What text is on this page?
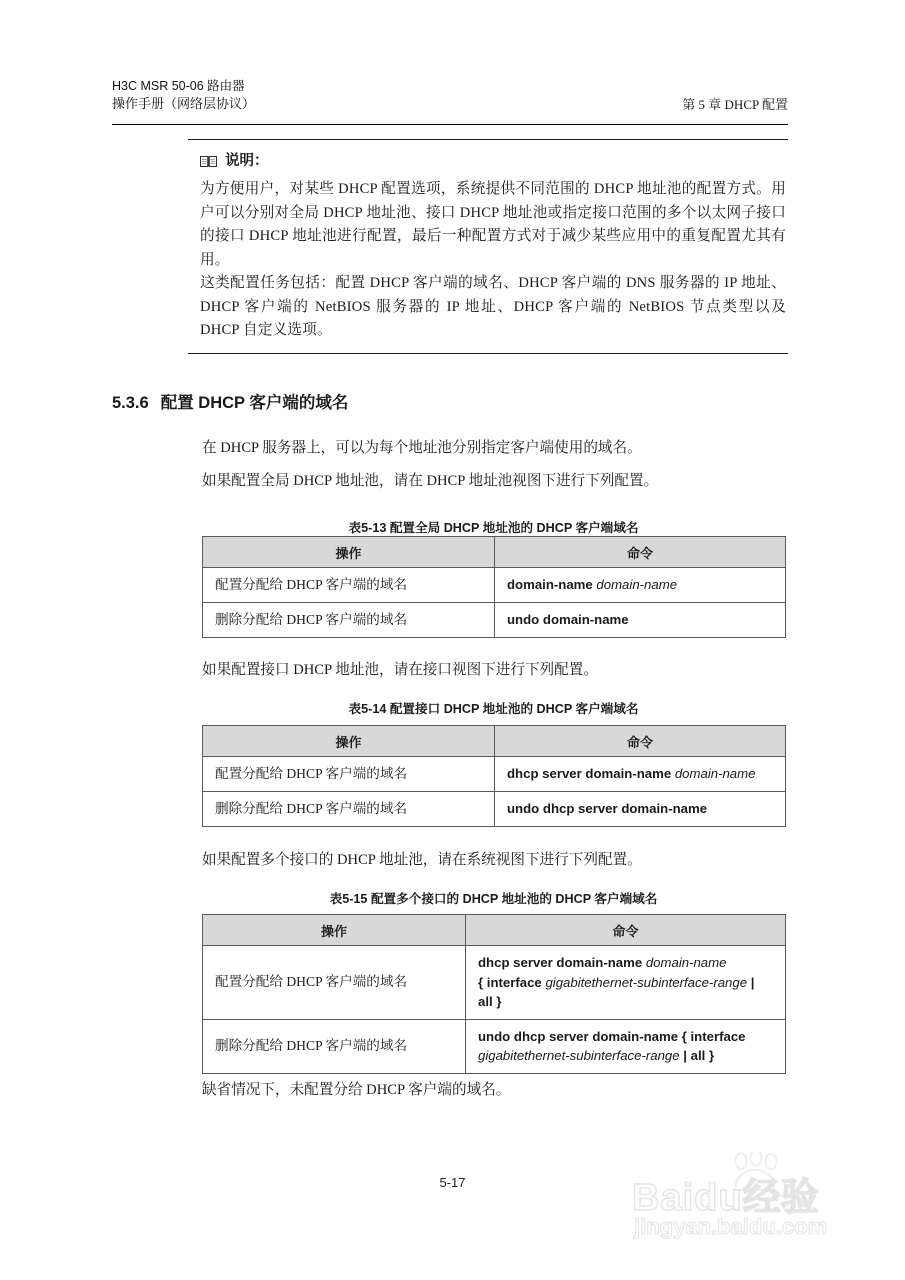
H3C MSR 50-06 路由器
操作手册（网络层协议）	第 5 章 DHCP 配置
说明：

为方便用户，对某些 DHCP 配置选项，系统提供不同范围的 DHCP 地址池的配置方式。用户可以分别对全局 DHCP 地址池、接口 DHCP 地址池或指定接口范围的多个以太网子接口的接口 DHCP 地址池进行配置，最后一种配置方式对于减少某些应用中的重复配置尤其有用。

这类配置任务包括：配置 DHCP 客户端的域名、DHCP 客户端的 DNS 服务器的 IP 地址、DHCP 客户端的 NetBIOS 服务器的 IP 地址、DHCP 客户端的 NetBIOS 节点类型以及 DHCP 自定义选项。

5.3.6 配置 DHCP 客户端的域名
在 DHCP 服务器上，可以为每个地址池分别指定客户端使用的域名。
如果配置全局 DHCP 地址池，请在 DHCP 地址池视图下进行下列配置。
表5-13 配置全局 DHCP 地址池的 DHCP 客户端域名
操作	命令
配置分配给 DHCP 客户端的域名	domain-name domain-name
删除分配给 DHCP 客户端的域名	undo domain-name
如果配置接口 DHCP 地址池，请在接口视图下进行下列配置。
表5-14 配置接口 DHCP 地址池的 DHCP 客户端域名
操作	命令
配置分配给 DHCP 客户端的域名	dhcp server domain-name domain-name
删除分配给 DHCP 客户端的域名	undo dhcp server domain-name
如果配置多个接口的 DHCP 地址池，请在系统视图下进行下列配置。
表5-15 配置多个接口的 DHCP 地址池的 DHCP 客户端域名
操作	命令
配置分配给 DHCP 客户端的域名	dhcp server domain-name domain-name
{ interface gigabitethernet-subinterface-range |
all }
删除分配给 DHCP 客户端的域名	undo dhcp server domain-name { interface
gigabitethernet-subinterface-range | all }
缺省情况下，未配置分给 DHCP 客户端的域名。
5-17	Baidu经验
jingyan.baidu.com
